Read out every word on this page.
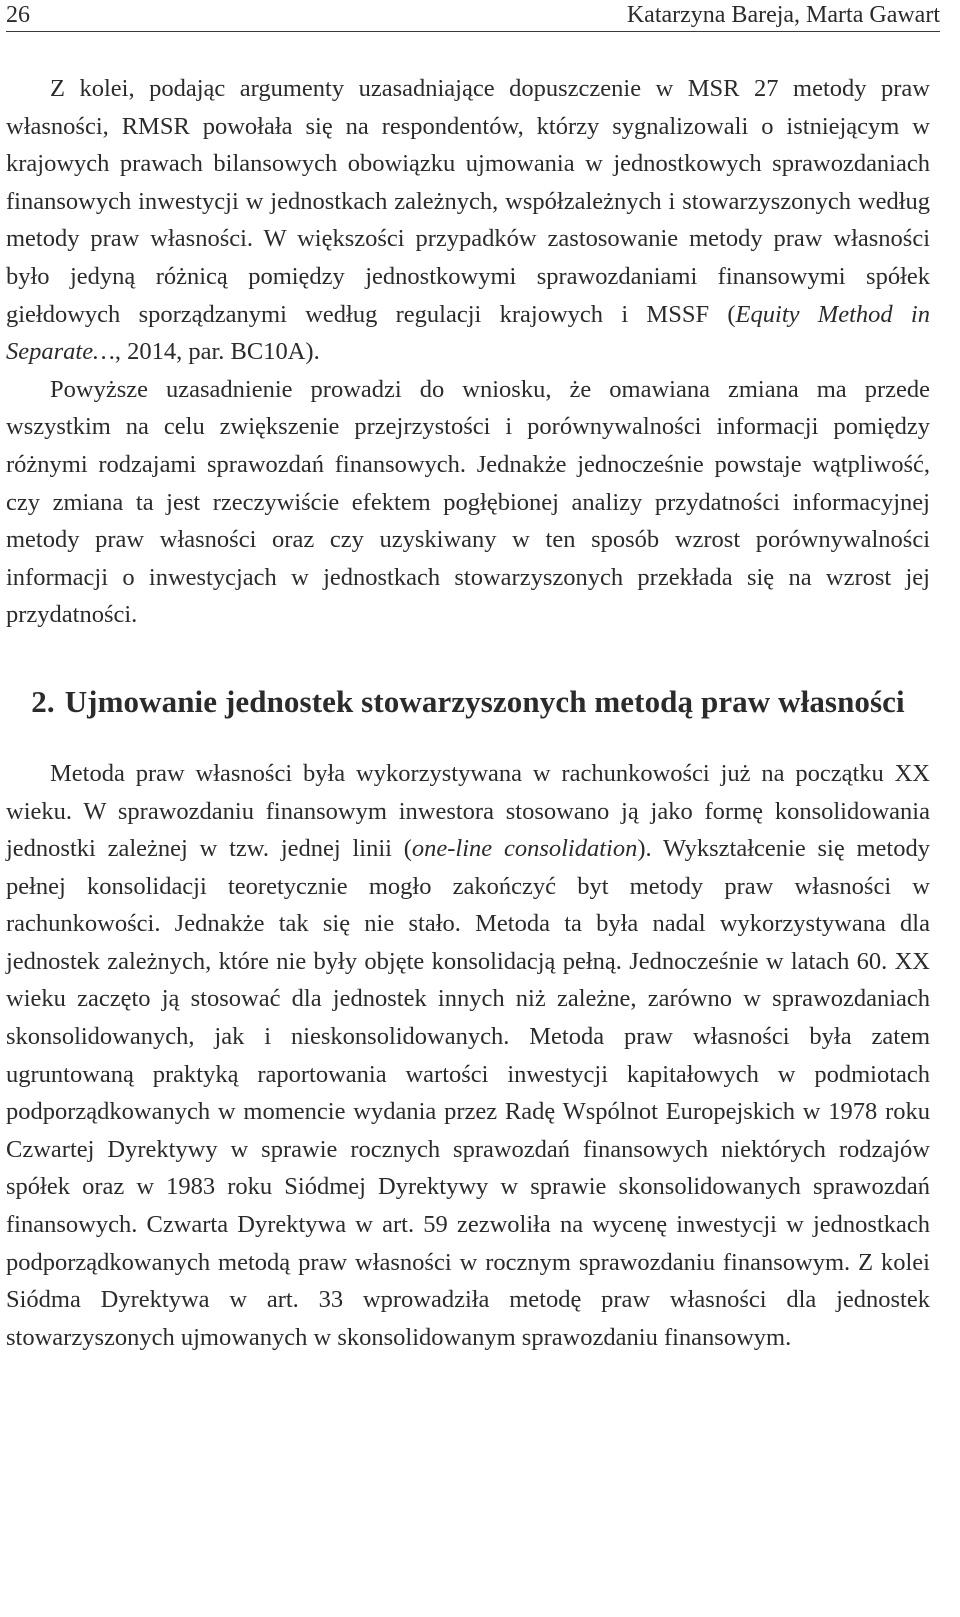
26	Katarzyna Bareja, Marta Gawart

Z kolei, podając argumenty uzasadniające dopuszczenie w MSR 27 metody praw własności, RMSR powołała się na respondentów, którzy sygnalizowali o istniejącym w krajowych prawach bilansowych obowiązku ujmowania w jednostkowych sprawozdaniach finansowych inwestycji w jednostkach zależnych, współzależnych i stowarzyszonych według metody praw własności. W większości przypadków zastosowanie metody praw własności było jedyną różnicą pomiędzy jednostkowymi sprawozdaniami finansowymi spółek giełdowych sporządzanymi według regulacji krajowych i MSSF (Equity Method in Separate…, 2014, par. BC10A).

Powyższe uzasadnienie prowadzi do wniosku, że omawiana zmiana ma przede wszystkim na celu zwiększenie przejrzystości i porównywalności informacji pomiędzy różnymi rodzajami sprawozdań finansowych. Jednakże jednocześnie powstaje wątpliwość, czy zmiana ta jest rzeczywiście efektem pogłębionej analizy przydatności informacyjnej metody praw własności oraz czy uzyskiwany w ten sposób wzrost porównywalności informacji o inwestycjach w jednostkach stowarzyszonych przekłada się na wzrost jej przydatności.

2. Ujmowanie jednostek stowarzyszonych metodą praw własności

Metoda praw własności była wykorzystywana w rachunkowości już na początku XX wieku. W sprawozdaniu finansowym inwestora stosowano ją jako formę konsolidowania jednostki zależnej w tzw. jednej linii (one-line consolidation). Wykształcenie się metody pełnej konsolidacji teoretycznie mogło zakończyć byt metody praw własności w rachunkowości. Jednakże tak się nie stało. Metoda ta była nadal wykorzystywana dla jednostek zależnych, które nie były objęte konsolidacją pełną. Jednocześnie w latach 60. XX wieku zaczęto ją stosować dla jednostek innych niż zależne, zarówno w sprawozdaniach skonsolidowanych, jak i nieskonsolidowanych. Metoda praw własności była zatem ugruntowaną praktyką raportowania wartości inwestycji kapitałowych w podmiotach podporządkowanych w momencie wydania przez Radę Wspólnot Europejskich w 1978 roku Czwartej Dyrektywy w sprawie rocznych sprawozdań finansowych niektórych rodzajów spółek oraz w 1983 roku Siódmej Dyrektywy w sprawie skonsolidowanych sprawozdań finansowych. Czwarta Dyrektywa w art. 59 zezwoliła na wycenę inwestycji w jednostkach podporządkowanych metodą praw własności w rocznym sprawozdaniu finansowym. Z kolei Siódma Dyrektywa w art. 33 wprowadziła metodę praw własności dla jednostek stowarzyszonych ujmowanych w skonsolidowanym sprawozdaniu finansowym.
